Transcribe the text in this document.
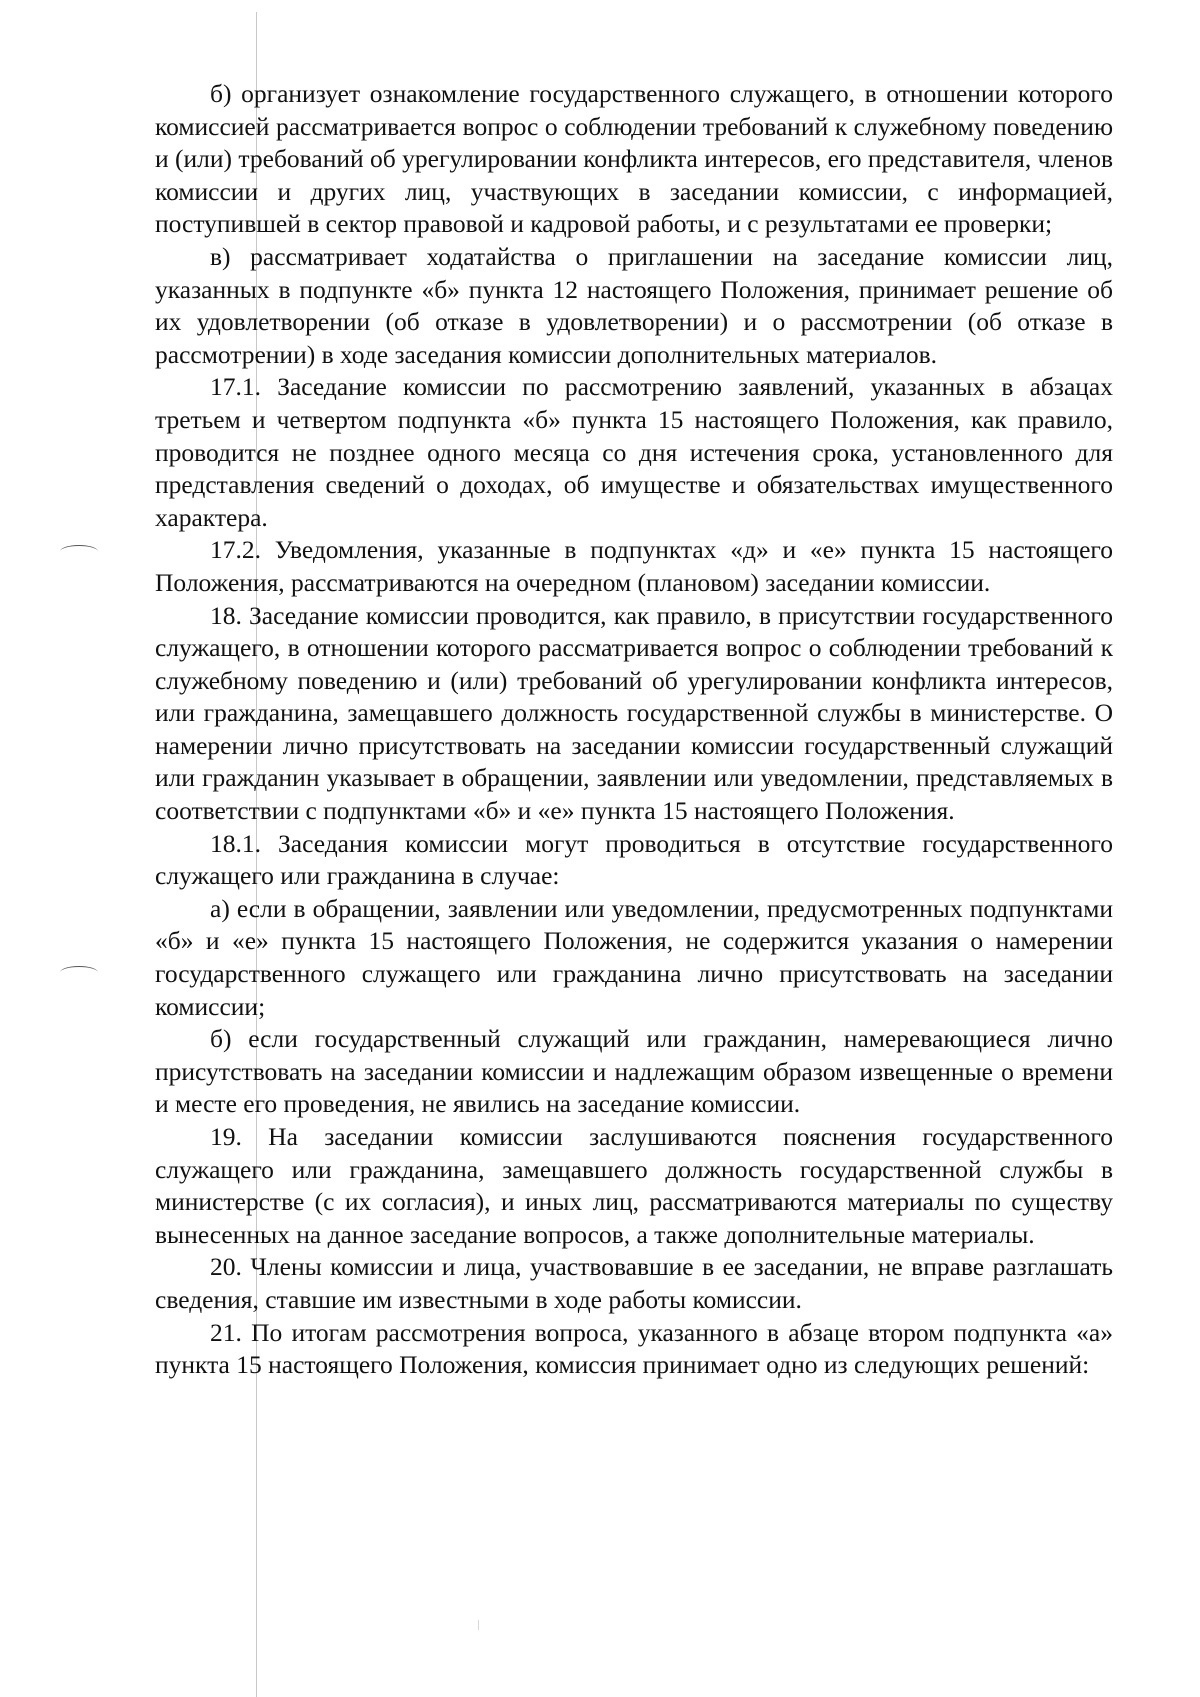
б) организует ознакомление государственного служащего, в отношении которого комиссией рассматривается вопрос о соблюдении требований к служебному поведению и (или) требований об урегулировании конфликта интересов, его представителя, членов комиссии и других лиц, участвующих в заседании комиссии, с информацией, поступившей в сектор правовой и кадровой работы, и с результатами ее проверки;

в) рассматривает ходатайства о приглашении на заседание комиссии лиц, указанных в подпункте «б» пункта 12 настоящего Положения, принимает решение об их удовлетворении (об отказе в удовлетворении) и о рассмотрении (об отказе в рассмотрении) в ходе заседания комиссии дополнительных материалов.

17.1. Заседание комиссии по рассмотрению заявлений, указанных в абзацах третьем и четвертом подпункта «б» пункта 15 настоящего Положения, как правило, проводится не позднее одного месяца со дня истечения срока, установленного для представления сведений о доходах, об имуществе и обязательствах имущественного характера.

17.2. Уведомления, указанные в подпунктах «д» и «е» пункта 15 настоящего Положения, рассматриваются на очередном (плановом) заседании комиссии.

18. Заседание комиссии проводится, как правило, в присутствии государственного служащего, в отношении которого рассматривается вопрос о соблюдении требований к служебному поведению и (или) требований об урегулировании конфликта интересов, или гражданина, замещавшего должность государственной службы в министерстве. О намерении лично присутствовать на заседании комиссии государственный служащий или гражданин указывает в обращении, заявлении или уведомлении, представляемых в соответствии с подпунктами «б» и «е» пункта 15 настоящего Положения.

18.1. Заседания комиссии могут проводиться в отсутствие государственного служащего или гражданина в случае:

а) если в обращении, заявлении или уведомлении, предусмотренных подпунктами «б» и «е» пункта 15 настоящего Положения, не содержится указания о намерении государственного служащего или гражданина лично присутствовать на заседании комиссии;

б) если государственный служащий или гражданин, намеревающиеся лично присутствовать на заседании комиссии и надлежащим образом извещенные о времени и месте его проведения, не явились на заседание комиссии.

19. На заседании комиссии заслушиваются пояснения государственного служащего или гражданина, замещавшего должность государственной службы в министерстве (с их согласия), и иных лиц, рассматриваются материалы по существу вынесенных на данное заседание вопросов, а также дополнительные материалы.

20. Члены комиссии и лица, участвовавшие в ее заседании, не вправе разглашать сведения, ставшие им известными в ходе работы комиссии.

21. По итогам рассмотрения вопроса, указанного в абзаце втором подпункта «а» пункта 15 настоящего Положения, комиссия принимает одно из следующих решений:
